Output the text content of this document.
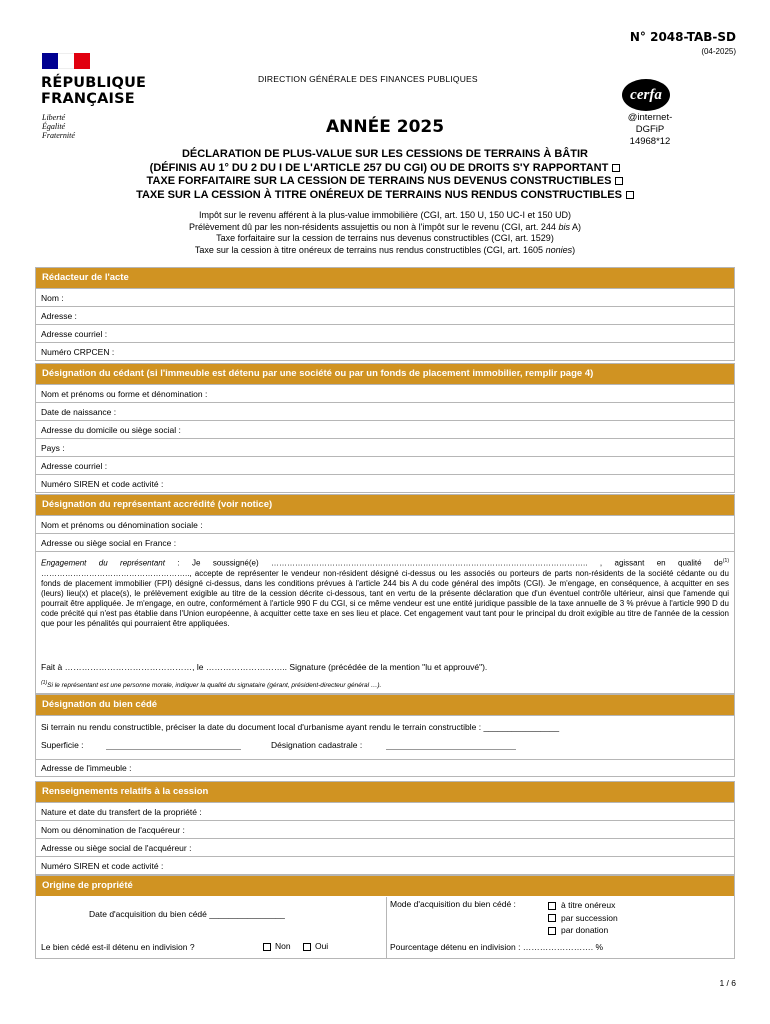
N° 2048-TAB-SD
(04-2025)
RÉPUBLIQUE
FRANÇAISE
Liberté
Égalité
Fraternité
DIRECTION GÉNÉRALE DES FINANCES PUBLIQUES
cerfa
@internet-DGFiP
14968*12
ANNÉE 2025
DÉCLARATION DE PLUS-VALUE SUR LES CESSIONS DE TERRAINS À BÂTIR
(DÉFINIS AU 1° DU 2 DU I DE L'ARTICLE 257 DU CGI) OU DE DROITS S'Y RAPPORTANT
TAXE FORFAITAIRE SUR LA CESSION DE TERRAINS NUS DEVENUS CONSTRUCTIBLES
TAXE SUR LA CESSION À TITRE ONÉREUX DE TERRAINS NUS RENDUS CONSTRUCTIBLES
Impôt sur le revenu afférent à la plus-value immobilière (CGI, art. 150 U, 150 UC-I et 150 UD)
Prélèvement dû par les non-résidents assujettis ou non à l'impôt sur le revenu (CGI, art. 244 bis A)
Taxe forfaitaire sur la cession de terrains nus devenus constructibles (CGI, art. 1529)
Taxe sur la cession à titre onéreux de terrains nus rendus constructibles (CGI, art. 1605 nonies)
Rédacteur de l'acte
Nom :
Adresse :
Adresse courriel :
Numéro CRPCEN :
Désignation du cédant (si l'immeuble est détenu par une société ou par un fonds de placement immobilier, remplir page 4)
Nom et prénoms ou forme et dénomination :
Date de naissance :
Adresse du domicile ou siège social :
Pays :
Adresse courriel :
Numéro SIREN et code activité :
Désignation du représentant accrédité (voir notice)
Nom et prénoms ou dénomination sociale :
Adresse ou siège social en France :
Engagement du représentant : Je soussigné(e) ……………………………………………………………………………………………………….. , agissant en qualité $de^{(1)}$ ……………………………………………….., accepte de représenter le vendeur non-résident désigné ci-dessus ou les associés ou porteurs de parts non-résidents de la société cédante ou du fonds de placement immobilier (FPI) désigné ci-dessus, dans les conditions prévues à l'article 244 bis A du code général des impôts (CGI). Je m'engage, en conséquence, à acquitter en ses (leurs) lieu(x) et place(s), le prélèvement exigible au titre de la cession décrite ci-dessous, tant en vertu de la présente déclaration que d'un éventuel contrôle ultérieur, ainsi que l'amende qui pourrait être appliquée. Je m'engage, en outre, conformément à l'article 990 F du CGI, si ce même vendeur est une entité juridique passible de la taxe annuelle de 3 % prévue à l'article 990 D du code précité qui n'est pas établie dans l'Union européenne, à acquitter cette taxe en ses lieu et place. Cet engagement vaut tant pour le principal du droit exigible au titre de l'année de la cession que pour les pénalités qui pourraient être appliquées.
Fait à ………………………………………, le ……………………….. Signature (précédée de la mention "lu et approuvé").
$^{(1)}$Si le représentant est une personne morale, indiquer la qualité du signataire (gérant, président-directeur général …).
Désignation du bien cédé
Si terrain nu rendu constructible, préciser la date du document local d'urbanisme ayant rendu le terrain constructible : ________________
Superficie :	Désignation cadastrale :
Adresse de l'immeuble :
Renseignements relatifs à la cession
Nature et date du transfert de la propriété :
Nom ou dénomination de l'acquéreur :
Adresse ou siège social de l'acquéreur :
Numéro SIREN et code activité :
Origine de propriété
Date d'acquisition du bien cédé ________________
Le bien cédé est-il détenu en indivision ?	Non	Oui
Mode d'acquisition du bien cédé :	à titre onéreux
par succession
par donation
Pourcentage détenu en indivision : ……………………. %
1 / 6
